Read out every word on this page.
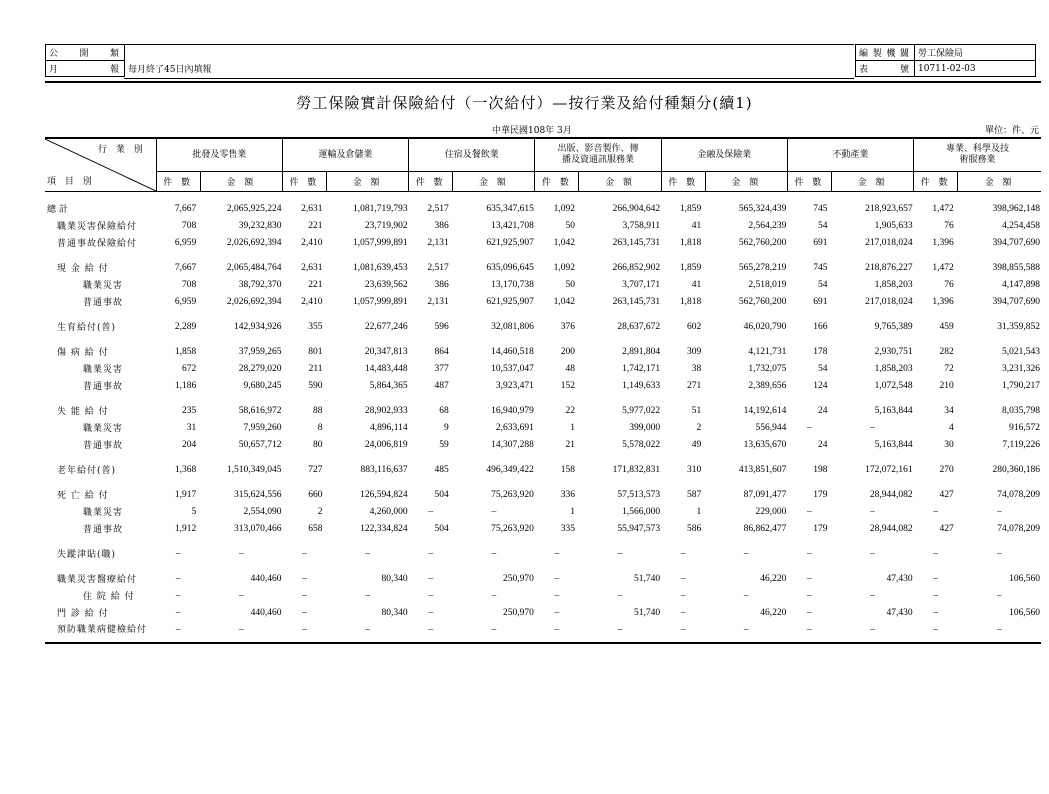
公 開 類	
月 報	每月終了45日內填報
編製機關	勞工保險局
表 號	10711-02-03
勞工保險實計保險給付（一次給付）—按行業及給付種類分(續1)
中華民國108年 3月	單位：件、元
行 業 別
項 目 別	批發及零售業		運輸及倉儲業		住宿及餐飲業		出版、影音製作、傳播及資通訊服務業		金融及保險業		不動產業		專業、科學及技術服務業	
	件 數	金 額	件 數	金 額	件 數	金 額	件 數	金 額	件 數	金 額	件 數	金 額	件 數	金 額
總 計	7,667	2,065,925,224	2,631	1,081,719,793	2,517	635,347,615	1,092	266,904,642	1,859	565,324,439	745	218,923,657	1,472	398,962,148
職業災害保險給付	708	39,232,830	221	23,719,902	386	13,421,708	50	3,758,911	41	2,564,239	54	1,905,633	76	4,254,458
普通事故保險給付	6,959	2,026,692,394	2,410	1,057,999,891	2,131	621,925,907	1,042	263,145,731	1,818	562,760,200	691	217,018,024	1,396	394,707,690
現 金 給 付	7,667	2,065,484,764	2,631	1,081,639,453	2,517	635,096,645	1,092	266,852,902	1,859	565,278,219	745	218,876,227	1,472	398,855,588
職業災害	708	38,792,370	221	23,639,562	386	13,170,738	50	3,707,171	41	2,518,019	54	1,858,203	76	4,147,898
普通事故	6,959	2,026,692,394	2,410	1,057,999,891	2,131	621,925,907	1,042	263,145,731	1,818	562,760,200	691	217,018,024	1,396	394,707,690
生育給付(普)	2,289	142,934,926	355	22,677,246	596	32,081,806	376	28,637,672	602	46,020,790	166	9,765,389	459	31,359,852
傷 病 給 付	1,858	37,959,265	801	20,347,813	864	14,460,518	200	2,891,804	309	4,121,731	178	2,930,751	282	5,021,543
職業災害	672	28,279,020	211	14,483,448	377	10,537,047	48	1,742,171	38	1,732,075	54	1,858,203	72	3,231,326
普通事故	1,186	9,680,245	590	5,864,365	487	3,923,471	152	1,149,633	271	2,389,656	124	1,072,548	210	1,790,217
失 能 給 付	235	58,616,972	88	28,902,933	68	16,940,979	22	5,977,022	51	14,192,614	24	5,163,844	34	8,035,798
職業災害	31	7,959,260	8	4,896,114	9	2,633,691	1	399,000	2	556,944	–	–	4	916,572
普通事故	204	50,657,712	80	24,006,819	59	14,307,288	21	5,578,022	49	13,635,670	24	5,163,844	30	7,119,226
老年給付(普)	1,368	1,510,349,045	727	883,116,637	485	496,349,422	158	171,832,831	310	413,851,607	198	172,072,161	270	280,360,186
死 亡 給 付	1,917	315,624,556	660	126,594,824	504	75,263,920	336	57,513,573	587	87,091,477	179	28,944,082	427	74,078,209
職業災害	5	2,554,090	2	4,260,000	–	–	1	1,566,000	1	229,000	–	–	–	–
普通事故	1,912	313,070,466	658	122,334,824	504	75,263,920	335	55,947,573	586	86,862,477	179	28,944,082	427	74,078,209
失蹤津貼(職)	–	–	–	–	–	–	–	–	–	–	–	–	–	–
職業災害醫療給付	–	440,460	–	80,340	–	250,970	–	51,740	–	46,220	–	47,430	–	106,560
住 院 給 付	–	–	–	–	–	–	–	–	–	–	–	–	–	–
門 診 給 付	–	440,460	–	80,340	–	250,970	–	51,740	–	46,220	–	47,430	–	106,560
預防職業病健檢給付	–	–	–	–	–	–	–	–	–	–	–	–	–	–
